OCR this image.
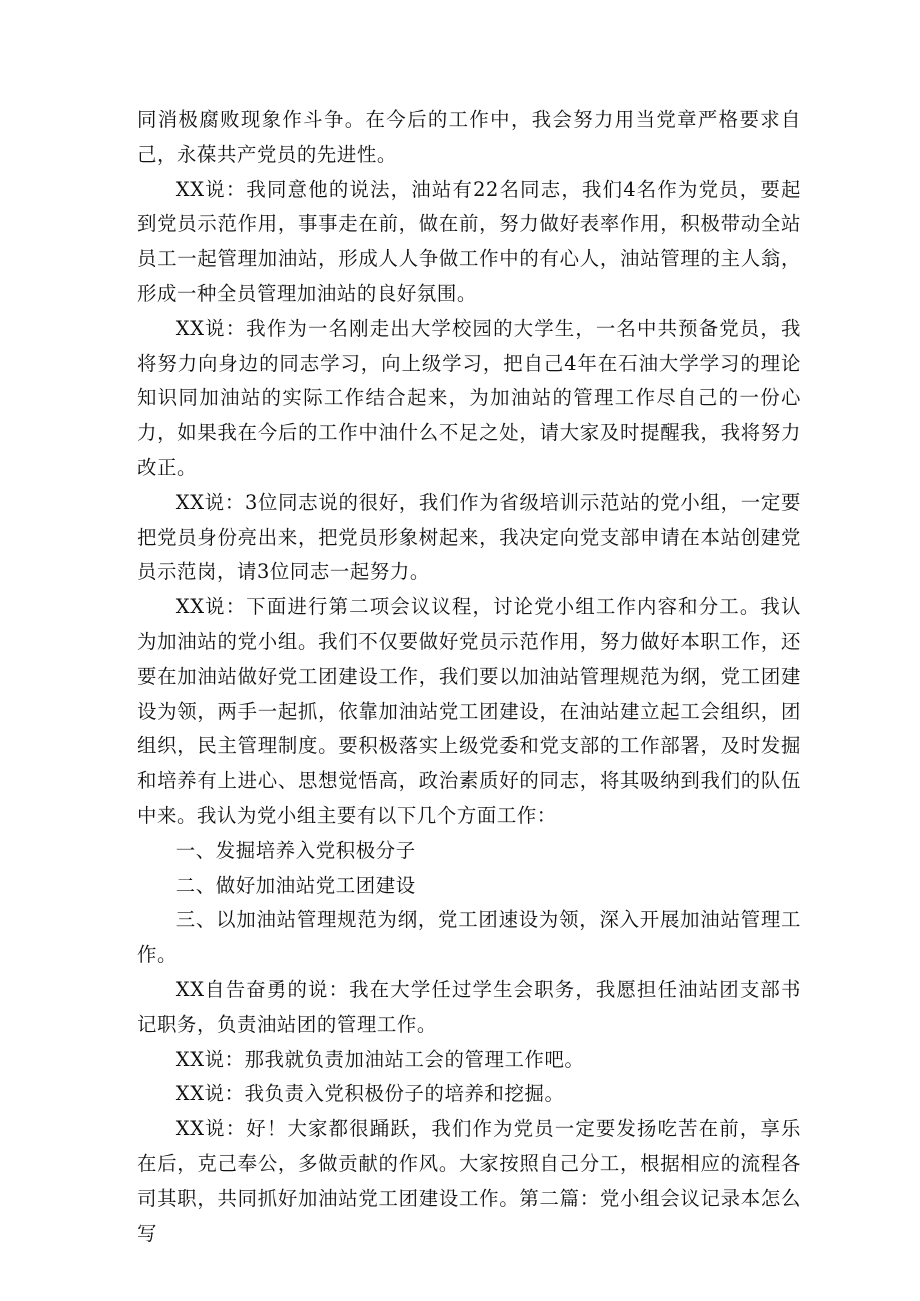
同消极腐败现象作斗争。在今后的工作中，我会努力用当党章严格要求自己，永葆共产党员的先进性。

XX说：我同意他的说法，油站有22名同志，我们4名作为党员，要起到党员示范作用，事事走在前，做在前，努力做好表率作用，积极带动全站员工一起管理加油站，形成人人争做工作中的有心人，油站管理的主人翁，形成一种全员管理加油站的良好氛围。

XX说：我作为一名刚走出大学校园的大学生，一名中共预备党员，我将努力向身边的同志学习，向上级学习，把自己4年在石油大学学习的理论知识同加油站的实际工作结合起来，为加油站的管理工作尽自己的一份心力，如果我在今后的工作中油什么不足之处，请大家及时提醒我，我将努力改正。

XX说：3位同志说的很好，我们作为省级培训示范站的党小组，一定要把党员身份亮出来，把党员形象树起来，我决定向党支部申请在本站创建党员示范岗，请3位同志一起努力。

XX说：下面进行第二项会议议程，讨论党小组工作内容和分工。我认为加油站的党小组。我们不仅要做好党员示范作用，努力做好本职工作，还要在加油站做好党工团建设工作，我们要以加油站管理规范为纲，党工团建设为领，两手一起抓，依靠加油站党工团建设，在油站建立起工会组织，团组织，民主管理制度。要积极落实上级党委和党支部的工作部署，及时发掘和培养有上进心、思想觉悟高，政治素质好的同志，将其吸纳到我们的队伍中来。我认为党小组主要有以下几个方面工作：

一、发掘培养入党积极分子

二、做好加油站党工团建设

三、以加油站管理规范为纲，党工团速设为领，深入开展加油站管理工作。

XX自告奋勇的说：我在大学任过学生会职务，我愿担任油站团支部书记职务，负责油站团的管理工作。

XX说：那我就负责加油站工会的管理工作吧。

XX说：我负责入党积极份子的培养和挖掘。

XX说：好！大家都很踊跃，我们作为党员一定要发扬吃苦在前，享乐在后，克己奉公，多做贡献的作风。大家按照自己分工，根据相应的流程各司其职，共同抓好加油站党工团建设工作。第二篇：党小组会议记录本怎么写
